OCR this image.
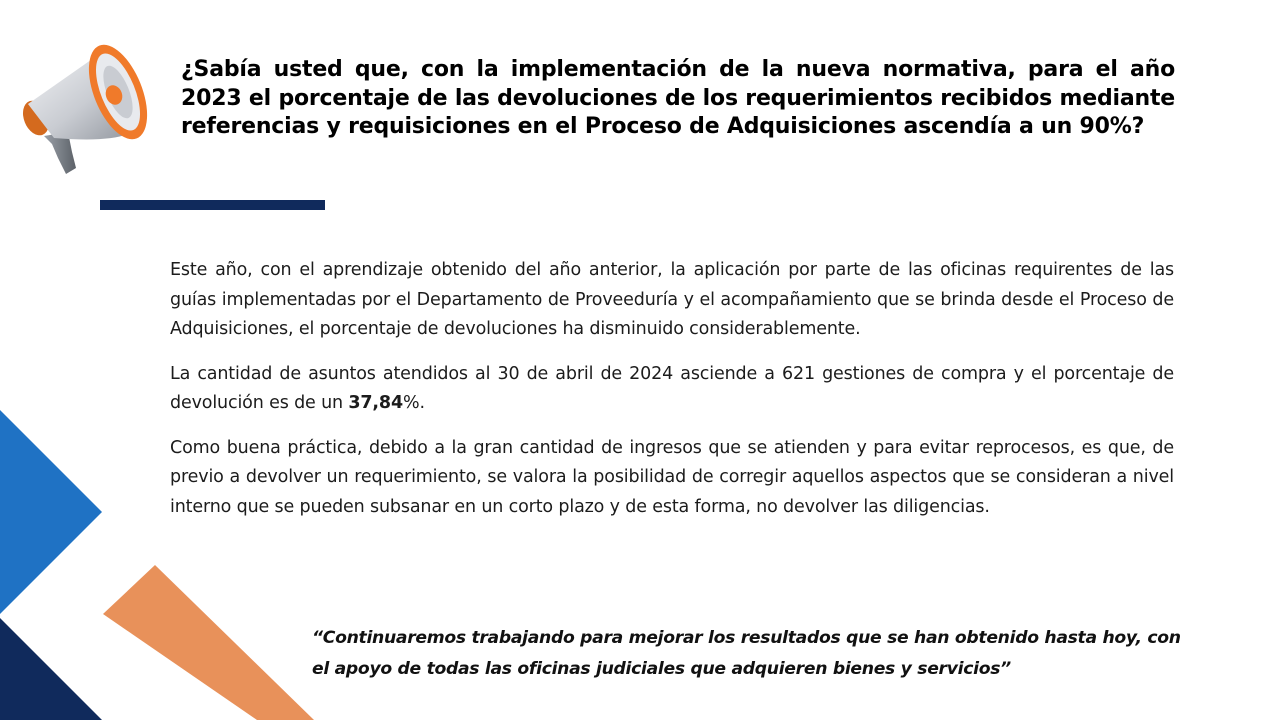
¿Sabía usted que, con la implementación de la nueva normativa, para el año 2023 el porcentaje de las devoluciones de los requerimientos recibidos mediante referencias y requisiciones en el Proceso de Adquisiciones ascendía a un 90%?

Este año, con el aprendizaje obtenido del año anterior, la aplicación por parte de las oficinas requirentes de las guías implementadas por el Departamento de Proveeduría y el acompañamiento que se brinda desde el Proceso de Adquisiciones, el porcentaje de devoluciones ha disminuido considerablemente.

La cantidad de asuntos atendidos al 30 de abril de 2024 asciende a 621 gestiones de compra y el porcentaje de devolución es de un 37,84%.

Como buena práctica, debido a la gran cantidad de ingresos que se atienden y para evitar reprocesos, es que, de previo a devolver un requerimiento, se valora la posibilidad de corregir aquellos aspectos que se consideran a nivel interno que se pueden subsanar en un corto plazo y de esta forma, no devolver las diligencias.

“Continuaremos trabajando para mejorar los resultados que se han obtenido hasta hoy, con el apoyo de todas las oficinas judiciales que adquieren bienes y servicios”
